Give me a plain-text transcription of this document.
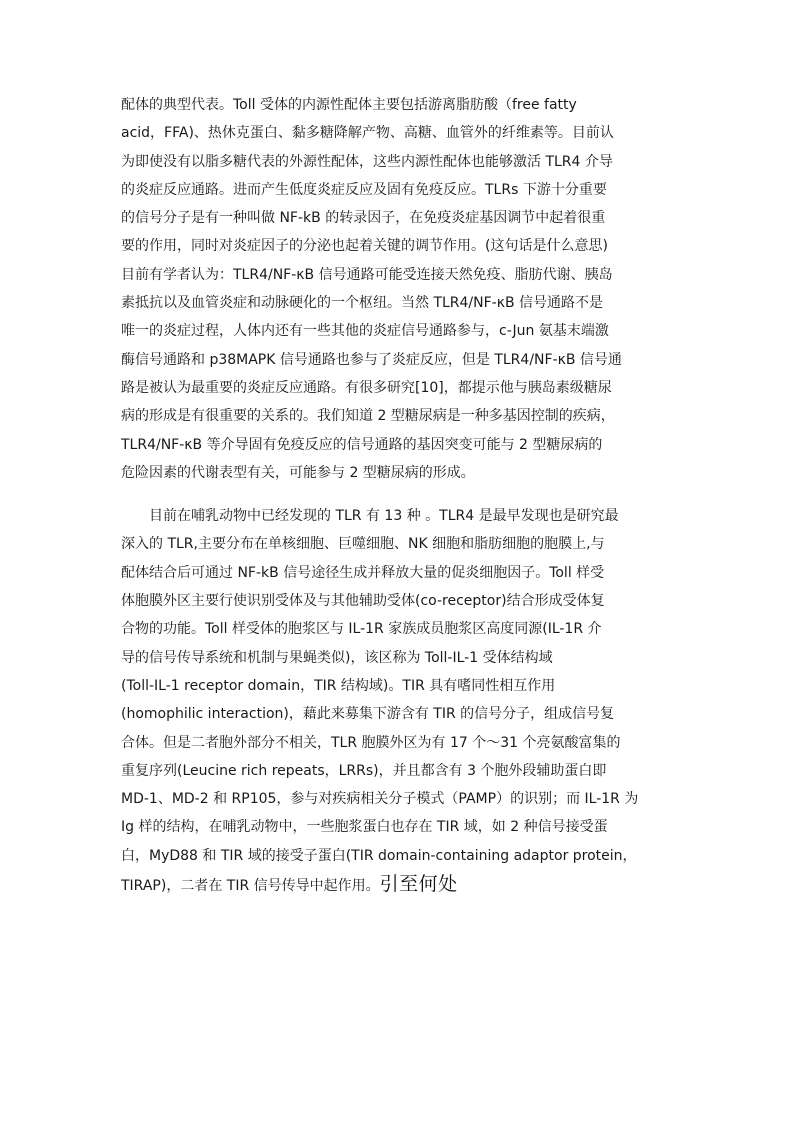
配体的典型代表。Toll 受体的内源性配体主要包括游离脂肪酸（free fatty
acid，FFA)、热休克蛋白、黏多糖降解产物、高糖、血管外的纤维素等。目前认
为即使没有以脂多糖代表的外源性配体，这些内源性配体也能够激活 TLR4 介导
的炎症反应通路。进而产生低度炎症反应及固有免疫反应。TLRs 下游十分重要
的信号分子是有一种叫做 NF-kB 的转录因子，在免疫炎症基因调节中起着很重
要的作用，同时对炎症因子的分泌也起着关键的调节作用。(这句话是什么意思)
目前有学者认为：TLR4/NF-κB 信号通路可能受连接天然免疫、脂肪代谢、胰岛
素抵抗以及血管炎症和动脉硬化的一个枢纽。当然 TLR4/NF-κB 信号通路不是
唯一的炎症过程，人体内还有一些其他的炎症信号通路参与，c-Jun 氨基末端激
酶信号通路和 p38MAPK 信号通路也参与了炎症反应，但是 TLR4/NF-κB 信号通
路是被认为最重要的炎症反应通路。有很多研究[10]，都提示他与胰岛素级糖尿
病的形成是有很重要的关系的。我们知道 2 型糖尿病是一种多基因控制的疾病，
TLR4/NF-κB 等介导固有免疫反应的信号通路的基因突变可能与 2 型糖尿病的
危险因素的代谢表型有关，可能参与 2 型糖尿病的形成。
　　目前在哺乳动物中已经发现的 TLR 有 13 种 。TLR4 是最早发现也是研究最
深入的 TLR,主要分布在单核细胞、巨噬细胞、NK 细胞和脂肪细胞的胞膜上,与
配体结合后可通过 NF-kB 信号途径生成并释放大量的促炎细胞因子。Toll 样受
体胞膜外区主要行使识别受体及与其他辅助受体(co-receptor)结合形成受体复
合物的功能。Toll 样受体的胞浆区与 IL-1R 家族成员胞浆区高度同源(IL-1R 介
导的信号传导系统和机制与果蝇类似)，该区称为 Toll-IL-1 受体结构域
(Toll-IL-1 receptor domain，TIR 结构域)。TIR 具有嗜同性相互作用
(homophilic interaction)，藉此来募集下游含有 TIR 的信号分子，组成信号复
合体。但是二者胞外部分不相关，TLR 胞膜外区为有 17 个～31 个亮氨酸富集的
重复序列(Leucine rich repeats，LRRs)，并且都含有 3 个胞外段辅助蛋白即
MD-1、MD-2 和 RP105，参与对疾病相关分子模式（PAMP）的识别；而 IL-1R 为
Ig 样的结构，在哺乳动物中，一些胞浆蛋白也存在 TIR 域，如 2 种信号接受蛋
白，MyD88 和 TIR 域的接受子蛋白(TIR domain-containing adaptor protein，
TIRAP)，二者在 TIR 信号传导中起作用。引至何处
